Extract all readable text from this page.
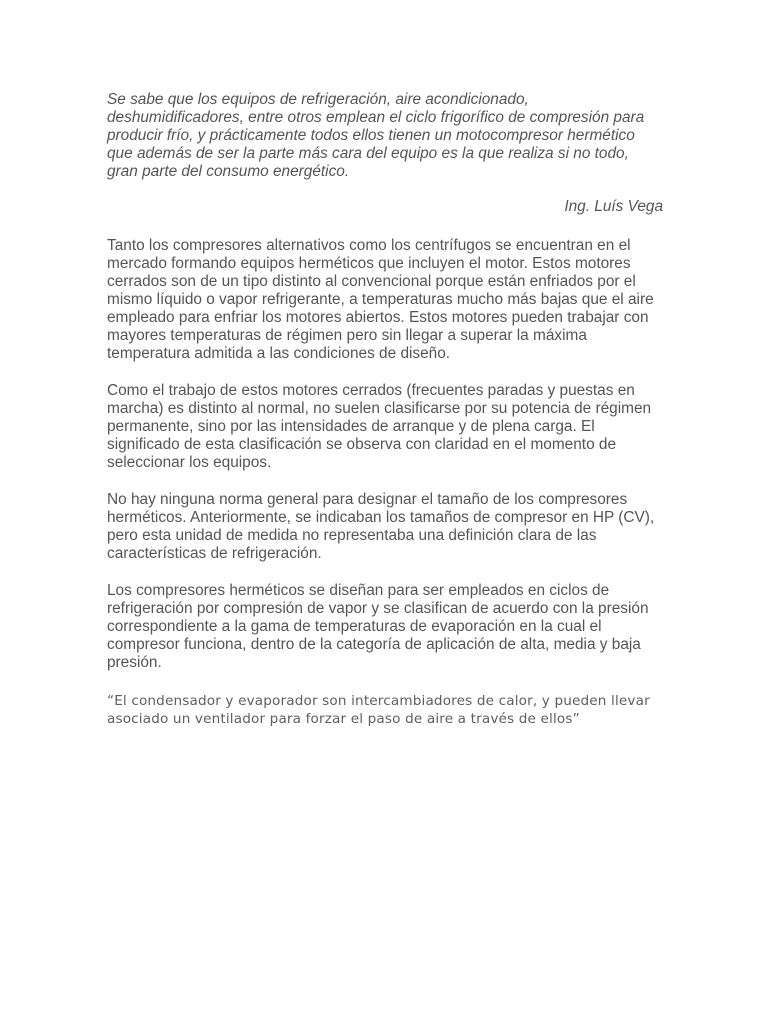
Se sabe que los equipos de refrigeración, aire acondicionado, deshumidificadores, entre otros emplean el ciclo frigorífico de compresión para producir frío, y prácticamente todos ellos tienen un motocompresor hermético que además de ser la parte más cara del equipo es la que realiza si no todo, gran parte del consumo energético.

Ing. Luís Vega

Tanto los compresores alternativos como los centrífugos se encuentran en el mercado formando equipos herméticos que incluyen el motor. Estos motores cerrados son de un tipo distinto al convencional porque están enfriados por el mismo líquido o vapor refrigerante, a temperaturas mucho más bajas que el aire empleado para enfriar los motores abiertos. Estos motores pueden trabajar con mayores temperaturas de régimen pero sin llegar a superar la máxima temperatura admitida a las condiciones de diseño.

Como el trabajo de estos motores cerrados (frecuentes paradas y puestas en marcha) es distinto al normal, no suelen clasificarse por su potencia de régimen permanente, sino por las intensidades de arranque y de plena carga. El significado de esta clasificación se observa con claridad en el momento de seleccionar los equipos.

No hay ninguna norma general para designar el tamaño de los compresores herméticos. Anteriormente, se indicaban los tamaños de compresor en HP (CV), pero esta unidad de medida no representaba una definición clara de las características de refrigeración.

Los compresores herméticos se diseñan para ser empleados en ciclos de refrigeración por compresión de vapor y se clasifican de acuerdo con la presión correspondiente a la gama de temperaturas de evaporación en la cual el compresor funciona, dentro de la categoría de aplicación de alta, media y baja presión.

“El condensador y evaporador son intercambiadores de calor, y pueden llevar asociado un ventilador para forzar el paso de aire a través de ellos”
